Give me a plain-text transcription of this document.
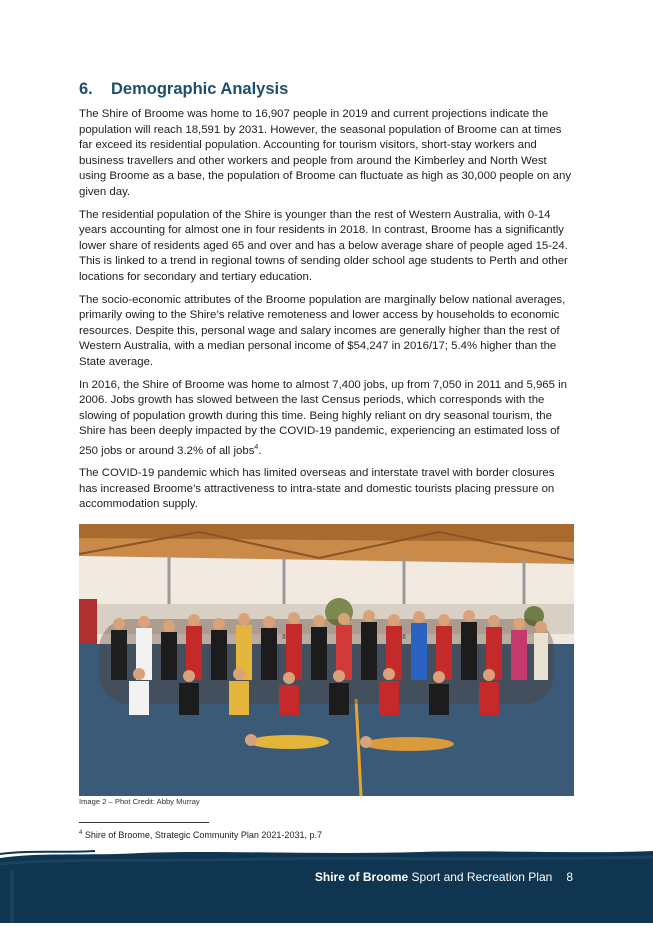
6. Demographic Analysis

The Shire of Broome was home to 16,907 people in 2019 and current projections indicate the population will reach 18,591 by 2031. However, the seasonal population of Broome can at times far exceed its residential population. Accounting for tourism visitors, short-stay workers and business travellers and other workers and people from around the Kimberley and North West using Broome as a base, the population of Broome can fluctuate as high as 30,000 people on any given day.

The residential population of the Shire is younger than the rest of Western Australia, with 0-14 years accounting for almost one in four residents in 2018. In contrast, Broome has a significantly lower share of residents aged 65 and over and has a below average share of people aged 15-24. This is linked to a trend in regional towns of sending older school age students to Perth and other locations for secondary and tertiary education.

The socio-economic attributes of the Broome population are marginally below national averages, primarily owing to the Shire’s relative remoteness and lower access by households to economic resources. Despite this, personal wage and salary incomes are generally higher than the rest of Western Australia, with a median personal income of $54,247 in 2016/17; 5.4% higher than the State average.

In 2016, the Shire of Broome was home to almost 7,400 jobs, up from 7,050 in 2011 and 5,965 in 2006. Jobs growth has slowed between the last Census periods, which corresponds with the slowing of population growth during this time. Being highly reliant on dry seasonal tourism, the Shire has been deeply impacted by the COVID-19 pandemic, experiencing an estimated loss of 250 jobs or around 3.2% of all jobs$^4$.

The COVID-19 pandemic which has limited overseas and interstate travel with border closures has increased Broome’s attractiveness to intra-state and domestic tourists placing pressure on accommodation supply.

Image 2 – Phot Credit: Abby Murray
$^4$ Shire of Broome, Strategic Community Plan 2021-2031, p.7
Shire of Broome Sport and Recreation Plan 8
